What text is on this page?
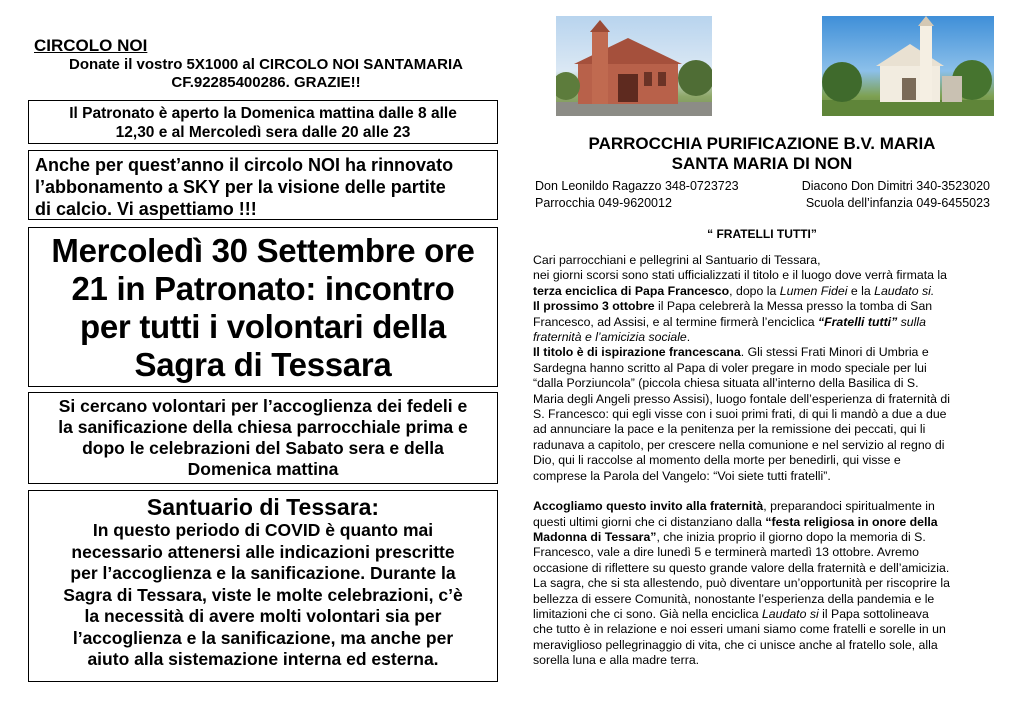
CIRCOLO NOI
Donate il vostro 5X1000 al CIRCOLO NOI SANTAMARIA
CF.92285400286. GRAZIE!!
Il Patronato è aperto la Domenica mattina dalle 8 alle
12,30 e al Mercoledì sera dalle 20 alle 23
Anche per quest’anno il circolo NOI ha rinnovato
l’abbonamento a SKY per la visione delle partite
di calcio. Vi aspettiamo !!!
Mercoledì 30 Settembre ore
21 in Patronato: incontro
per tutti i volontari della
Sagra di Tessara
Si cercano volontari per l’accoglienza dei fedeli e
la sanificazione della chiesa parrocchiale prima e
dopo le celebrazioni del Sabato sera e della
Domenica mattina
Santuario di Tessara:
In questo periodo di COVID è quanto mai
necessario attenersi alle indicazioni prescritte
per l’accoglienza e la sanificazione. Durante la
Sagra di Tessara, viste le molte celebrazioni, c’è
la necessità di avere molti volontari sia per
l’accoglienza e la sanificazione, ma anche per
aiuto alla sistemazione interna ed esterna.
PARROCCHIA PURIFICAZIONE B.V. MARIA
SANTA MARIA DI NON
Don Leonildo Ragazzo 348-0723723	Diacono Don Dimitri 340-3523020
Parrocchia 049-9620012	Scuola dell’infanzia 049-6455023
“ FRATELLI TUTTI”

Cari parrocchiani e pellegrini al Santuario di Tessara,

nei giorni scorsi sono stati ufficializzati il titolo e il luogo dove verrà firmata la

terza enciclica di Papa Francesco, dopo la Lumen Fidei e la Laudato si.

Il prossimo 3 ottobre il Papa celebrerà la Messa presso la tomba di San

Francesco, ad Assisi, e al termine firmerà l’enciclica “Fratelli tutti” sulla

fraternità e l’amicizia sociale.

Il titolo è di ispirazione francescana. Gli stessi Frati Minori di Umbria e

Sardegna hanno scritto al Papa di voler pregare in modo speciale per lui

“dalla Porziuncola” (piccola chiesa situata all’interno della Basilica di S.

Maria degli Angeli presso Assisi), luogo fontale dell’esperienza di fraternità di

S. Francesco: qui egli visse con i suoi primi frati, di qui li mandò a due a due

ad annunciare la pace e la penitenza per la remissione dei peccati, qui li

radunava a capitolo, per crescere nella comunione e nel servizio al regno di

Dio, qui li raccolse al momento della morte per benedirli, qui visse e

comprese la Parola del Vangelo: “Voi siete tutti fratelli”.

Accogliamo questo invito alla fraternità, preparandoci spiritualmente in

questi ultimi giorni che ci distanziano dalla “festa religiosa in onore della

Madonna di Tessara”, che inizia proprio il giorno dopo la memoria di S.

Francesco, vale a dire lunedì 5 e terminerà martedì 13 ottobre. Avremo

occasione di riflettere su questo grande valore della fraternità e dell’amicizia.

La sagra, che si sta allestendo, può diventare un’opportunità per riscoprire la

bellezza di essere Comunità, nonostante l’esperienza della pandemia e le

limitazioni che ci sono. Già nella enciclica Laudato si il Papa sottolineava

che tutto è in relazione e noi esseri umani siamo come fratelli e sorelle in un

meraviglioso pellegrinaggio di vita, che ci unisce anche al fratello sole, alla

sorella luna e alla madre terra.
